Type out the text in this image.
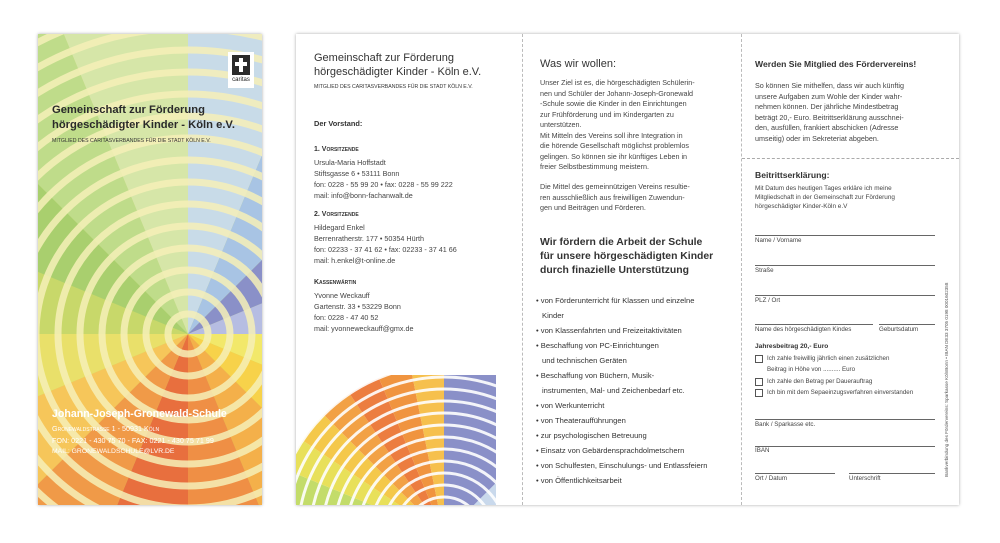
caritas

Gemeinschaft zur Förderung

hörgeschädigter Kinder - Köln e.V.

MITGLIED DES CARITASVERBANDES FÜR DIE STADT KÖLN E.V.

Johann-Joseph-Gronewald-Schule

Gronewaldstrasse 1 - 50931 Köln

FON: 0221 - 430 75 70 - FAX: 0221 - 430 75 71 99

MAIL: GRONEWALDSCHULE@LVR.DE

Gemeinschaft zur Förderung

hörgeschädigter Kinder - Köln e.V.

MITGLIED DES CARITASVERBANDES FÜR DIE STADT KÖLN E.V.

Der Vorstand:

1. Vorsitzende

Ursula-Maria Hoffstadt

Stiftsgasse 6 • 53111 Bonn

fon: 0228 - 55 99 20 • fax: 0228 - 55 99 222

mail: info@bonn-fachanwalt.de

2. Vorsitzende

Hildegard Enkel

Berrenratherstr. 177 • 50354 Hürth

fon: 02233 - 37 41 62 • fax: 02233 - 37 41 66

mail: h.enkel@t-online.de

Kassenwärtin

Yvonne Weckauff

Gartenstr. 33 • 53229 Bonn

fon: 0228 - 47 40 52

mail: yvonneweckauff@gmx.de

Was wir wollen:

Unser Ziel ist es, die hörgeschädigten Schülerin-

nen und Schüler der Johann-Joseph-Gronewald

-Schule sowie die Kinder in den Einrichtungen

zur Frühförderung und im Kindergarten zu

unterstützen.

Mit Mitteln des Vereins soll ihre Integration in

die hörende Gesellschaft möglichst problemlos

gelingen. So können sie ihr künftiges Leben in

freier Selbstbestimmung meistern.

Die Mittel des gemeinnützigen Vereins resultie-

ren ausschließlich aus freiwilligen Zuwendun-

gen und Beiträgen und Förderen.

Wir fördern die Arbeit der Schule

für unsere hörgeschädigten Kinder

durch finazielle Unterstützung

• von Förderunterricht für Klassen und einzelne

Kinder

• von Klassenfahrten und Freizeitaktivitäten

• Beschaffung von PC-Einrichtungen

und technischen Geräten

• Beschaffung von Büchern, Musik-

instrumenten, Mal- und Zeichenbedarf etc.

• von Werkunterricht

• von Theateraufführungen

• zur psychologischen Betreuung

• Einsatz von Gebärdensprachdolmetschern

• von Schulfesten, Einschulungs- und Entlassfeiern

• von Öffentlichkeitsarbeit

Werden Sie Mitglied des Fördervereins!

So können Sie mithelfen, dass wir auch künftig

unsere Aufgaben zum Wohle der Kinder wahr-

nehmen können. Der jährliche Mindestbetrag

beträgt 20,- Euro. Beitrittserklärung ausschnei-

den, ausfüllen, frankiert abschicken (Adresse

umseitig) oder im Sekreteriat abgeben.

Beitrittserklärung:

Mit Datum des heutigen Tages erkläre ich meine

Mitgliedschaft in der Gemeinschaft zur Förderung

hörgeschädigter Kinder-Köln e.V

Name / Vorname
Straße
PLZ / Ort
Name des hörgeschädigten Kindes	Geburtsdatum

Jahresbeitrag 20,- Euro

Ich zahle freiwillig jährlich einen zusätzlichen
Beitrag in Höhe von .......... Euro
Ich zahle den Betrag per Dauerauftrag
Ich bin mit dem Sepaeinzugsverfahren einverstanden
Bank / Sparkasse etc.
IBAN
Ort / Datum	Unterschrift
Bankverbindung des Fördervereins: Sparkasse KölnBonn • IBAN DE33 3705 0198 0001602358
